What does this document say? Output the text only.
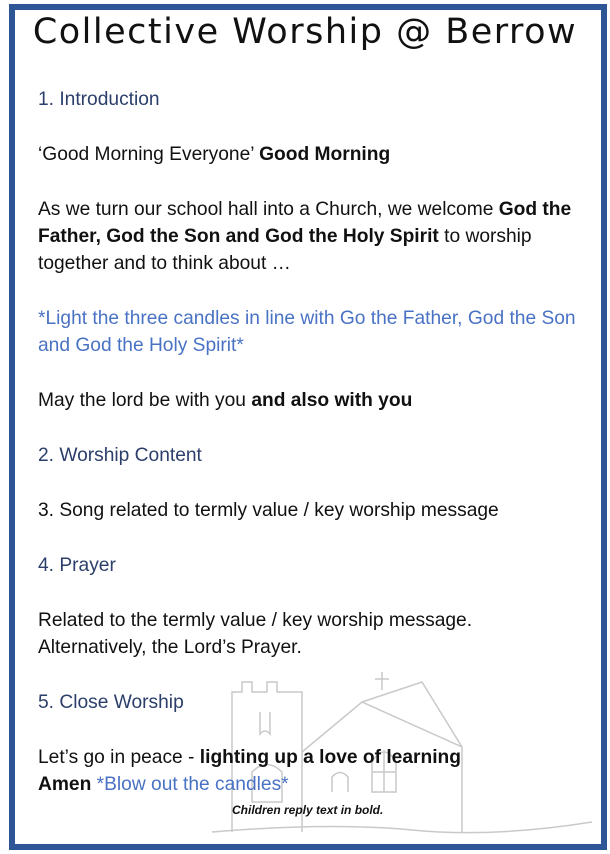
Collective Worship @ Berrow

1. Introduction

‘Good Morning Everyone’ Good Morning

As we turn our school hall into a Church, we welcome God the Father, God the Son and God the Holy Spirit to worship together and to think about …

*Light the three candles in line with Go the Father, God the Son and God the Holy Spirit*

May the lord be with you and also with you

2. Worship Content

3. Song related to termly value / key worship message

4. Prayer

Related to the termly value / key worship message.

Alternatively, the Lord’s Prayer.

5. Close Worship

Let’s go in peace - lighting up a love of learning

Amen *Blow out the candles*

Children reply text in bold.
